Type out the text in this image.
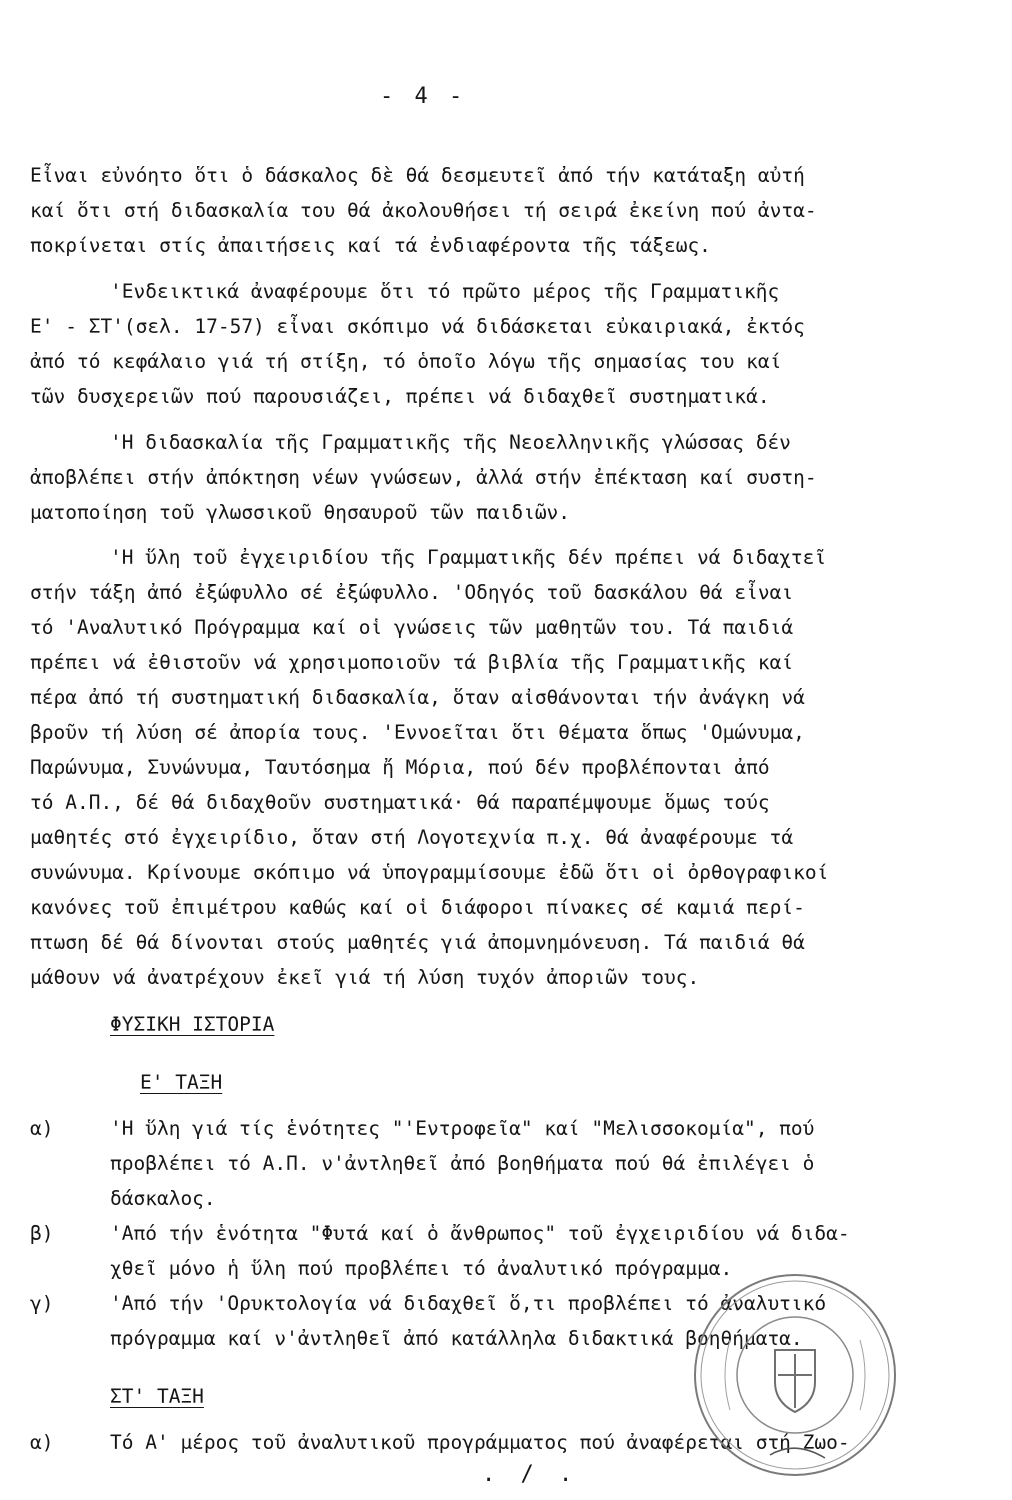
- 4 -
Εἶναι εὐνόητο ὅτι ὁ δάσκαλος δὲ θά δεσμευτεῖ ἀπό τήν κατάταξη αὐτή
καί ὅτι στή διδασκαλία του θά ἀκολουθήσει τή σειρά ἐκείνη πού ἀντα-
ποκρίνεται στίς ἀπαιτήσεις καί τά ἐνδιαφέροντα τῆς τάξεως.
'Ενδεικτικά ἀναφέρουμε ὅτι τό πρῶτο μέρος τῆς Γραμματικῆς
Ε' - ΣΤ'(σελ. 17-57) εἶναι σκόπιμο νά διδάσκεται εὐκαιριακά, ἐκτός
ἀπό τό κεφάλαιο γιά τή στίξη, τό ὁποῖο λόγω τῆς σημασίας του καί
τῶν δυσχερειῶν πού παρουσιάζει, πρέπει νά διδαχθεῖ συστηματικά.
'Η διδασκαλία τῆς Γραμματικῆς τῆς Νεοελληνικῆς γλώσσας δέν
ἀποβλέπει στήν ἀπόκτηση νέων γνώσεων, ἀλλά στήν ἐπέκταση καί συστη-
ματοποίηση τοῦ γλωσσικοῦ θησαυροῦ τῶν παιδιῶν.
'Η ὕλη τοῦ ἐγχειριδίου τῆς Γραμματικῆς δέν πρέπει νά διδαχτεῖ
στήν τάξη ἀπό ἐξώφυλλο σέ ἐξώφυλλο. 'Οδηγός τοῦ δασκάλου θά εἶναι
τό 'Αναλυτικό Πρόγραμμα καί οἱ γνώσεις τῶν μαθητῶν του. Τά παιδιά
πρέπει νά ἐθιστοῦν νά χρησιμοποιοῦν τά βιβλία τῆς Γραμματικῆς καί
πέρα ἀπό τή συστηματική διδασκαλία, ὅταν αἰσθάνονται τήν ἀνάγκη νά
βροῦν τή λύση σέ ἀπορία τους. 'Εννοεῖται ὅτι θέματα ὅπως 'Ομώνυμα,
Παρώνυμα, Συνώνυμα, Ταυτόσημα ἤ Μόρια, πού δέν προβλέπονται ἀπό
τό Α.Π., δέ θά διδαχθοῦν συστηματικά· θά παραπέμψουμε ὅμως τούς
μαθητές στό ἐγχειρίδιο, ὅταν στή Λογοτεχνία π.χ. θά ἀναφέρουμε τά
συνώνυμα. Κρίνουμε σκόπιμο νά ὑπογραμμίσουμε ἐδῶ ὅτι οἱ ὀρθογραφικοί
κανόνες τοῦ ἐπιμέτρου καθώς καί οἱ διάφοροι πίνακες σέ καμιά περί-
πτωση δέ θά δίνονται στούς μαθητές γιά ἀπομνημόνευση. Τά παιδιά θά
μάθουν νά ἀνατρέχουν ἐκεῖ γιά τή λύση τυχόν ἀποριῶν τους.
ΦΥΣΙΚΗ ΙΣΤΟΡΙΑ
Ε' ΤΑΞΗ
α)	'Η ὕλη γιά τίς ἑνότητες "'Εντροφεῖα" καί "Μελισσοκομία", πού
προβλέπει τό Α.Π. ν'ἀντληθεῖ ἀπό βοηθήματα πού θά ἐπιλέγει ὁ
δάσκαλος.
β)	'Από τήν ἑνότητα "Φυτά καί ὁ ἄνθρωπος" τοῦ ἐγχειριδίου νά διδα-
χθεῖ μόνο ἡ ὕλη πού προβλέπει τό ἀναλυτικό πρόγραμμα.
γ)	'Από τήν 'Ορυκτολογία νά διδαχθεῖ ὅ,τι προβλέπει τό ἀναλυτικό
πρόγραμμα καί ν'ἀντληθεῖ ἀπό κατάλληλα διδακτικά βοηθήματα.
ΣΤ' ΤΑΞΗ
α)	Τό Α' μέρος τοῦ ἀναλυτικοῦ προγράμματος πού ἀναφέρεται στή Ζωο-
. / .
